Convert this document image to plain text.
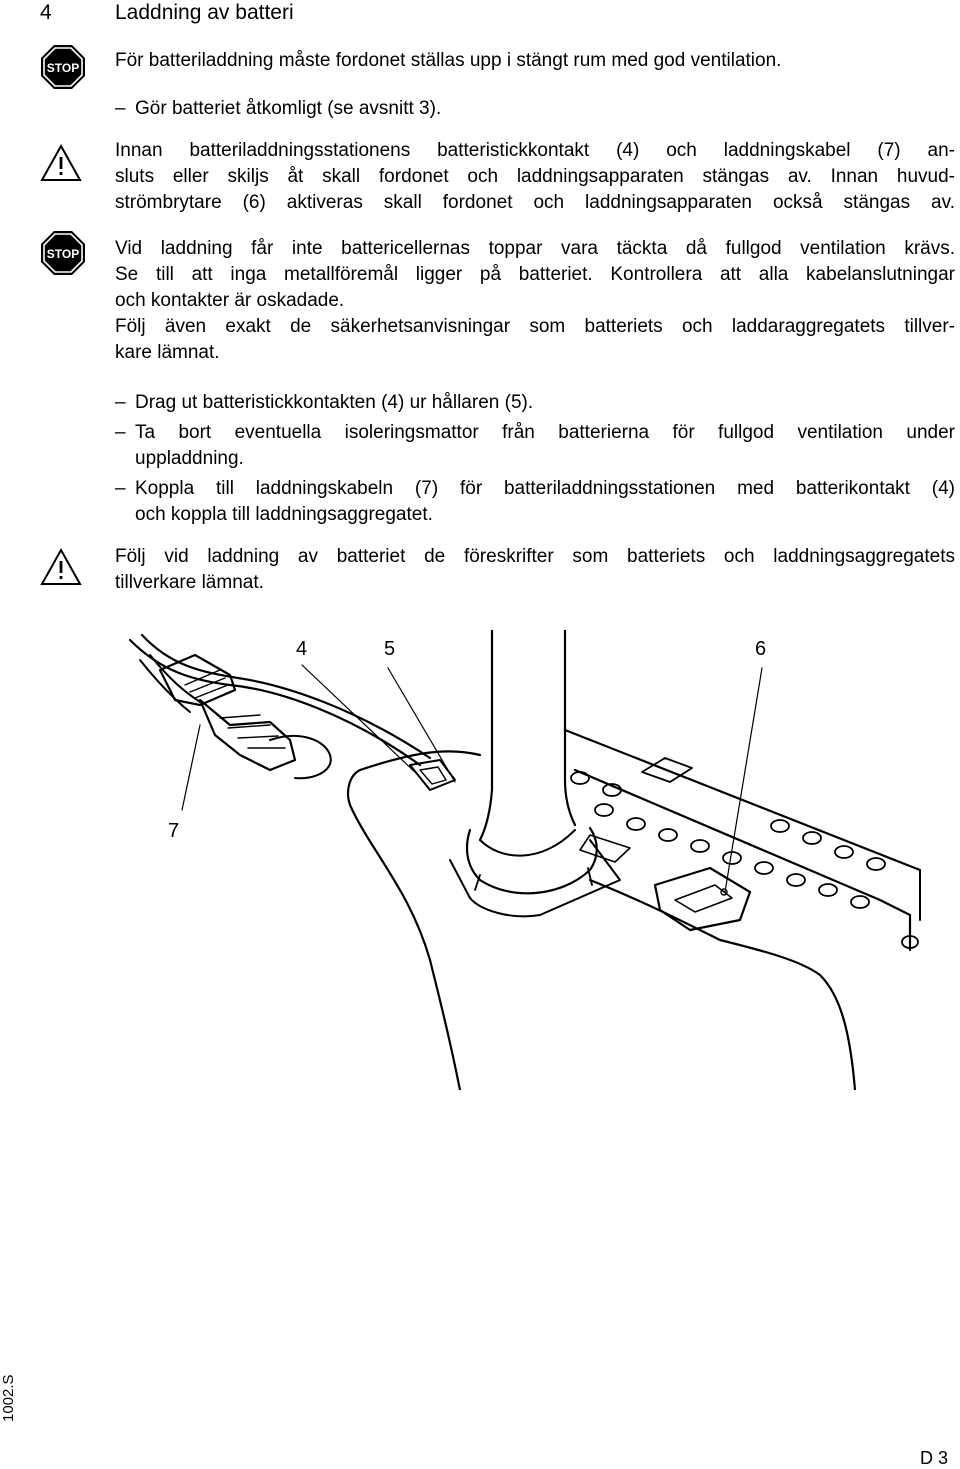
4	Laddning av batteri
STOP För batteriladdning måste fordonet ställas upp i stängt rum med god ventilation.
– Gör batteriet åtkomligt (se avsnitt 3).
Innan batteriladdningsstationens batteristickkontakt (4) och laddningskabel (7) an-
sluts eller skiljs åt skall fordonet och laddningsapparaten stängas av. Innan huvud-
strömbrytare (6) aktiveras skall fordonet och laddningsapparaten också stängas av.
STOP Vid laddning får inte battericellernas toppar vara täckta då fullgod ventilation krävs.
Se till att inga metallföremål ligger på batteriet. Kontrollera att alla kabelanslutningar
och kontakter är oskadade.
Följ även exakt de säkerhetsanvisningar som batteriets och laddaraggregatets tillver-
kare lämnat.
– Drag ut batteristickkontakten (4) ur hållaren (5).
– Ta bort eventuella isoleringsmattor från batterierna för fullgod ventilation under
uppladdning.
– Koppla till laddningskabeln (7) för batteriladdningsstationen med batterikontakt (4)
och koppla till laddningsaggregatet.
Följ vid laddning av batteriet de föreskrifter som batteriets och laddningsaggregatets
tillverkare lämnat.
4	5	6
7
1002.S
D 3
